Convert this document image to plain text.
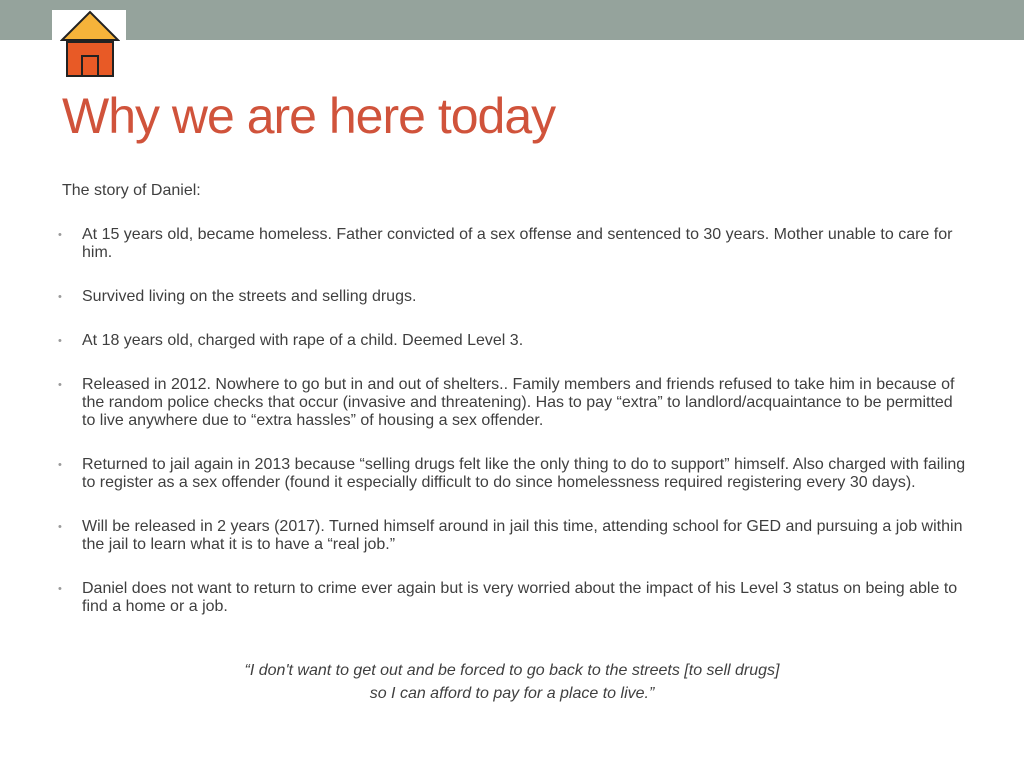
Why we are here today

The story of Daniel:

• At 15 years old, became homeless. Father convicted of a sex offense and sentenced to 30 years. Mother unable to care for him.
• Survived living on the streets and selling drugs.
• At 18 years old, charged with rape of a child. Deemed Level 3.
• Released in 2012. Nowhere to go but in and out of shelters.. Family members and friends refused to take him in because of the random police checks that occur (invasive and threatening). Has to pay “extra” to landlord/acquaintance to be permitted to live anywhere due to “extra hassles” of housing a sex offender.
• Returned to jail again in 2013 because “selling drugs felt like the only thing to do to support” himself. Also charged with failing to register as a sex offender (found it especially difficult to do since homelessness required registering every 30 days).
• Will be released in 2 years (2017). Turned himself around in jail this time, attending school for GED and pursuing a job within the jail to learn what it is to have a “real job.”
• Daniel does not want to return to crime ever again but is very worried about the impact of his Level 3 status on being able to find a home or a job.
“I don't want to get out and be forced to go back to the streets [to sell drugs]
so I can afford to pay for a place to live.”
